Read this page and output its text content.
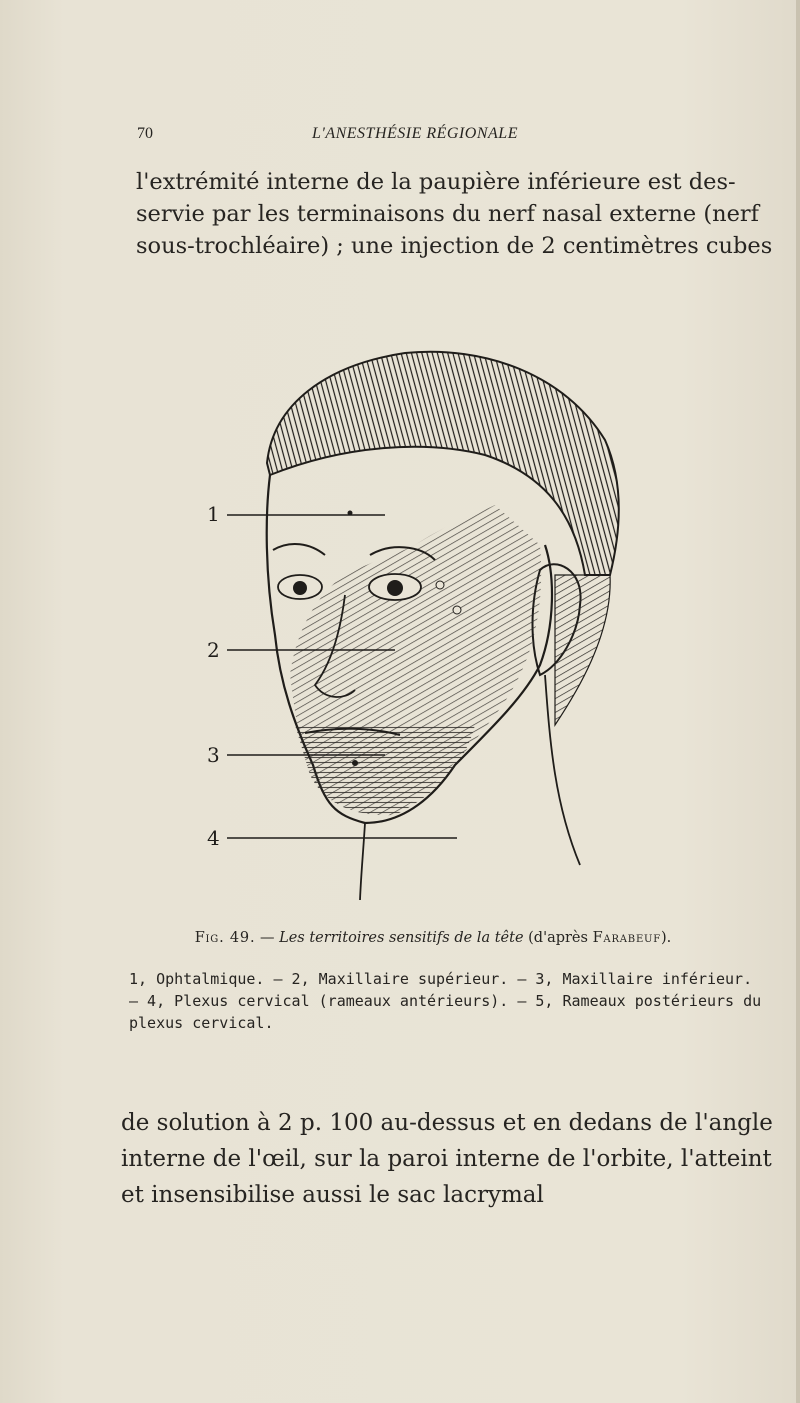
70	L'ANESTHÉSIE RÉGIONALE
l'extrémité interne de la paupière inférieure est des-
servie par les terminaisons du nerf nasal externe (nerf
sous-trochléaire) ; une injection de 2 centimètres cubes
1
2
3
4
Fig. 49. — Les territoires sensitifs de la tête (d'après Farabeuf).
1, Ophtalmique. — 2, Maxillaire supérieur. — 3, Maxillaire inférieur.
— 4, Plexus cervical (rameaux antérieurs). — 5, Rameaux postérieurs du
plexus cervical.
de solution à 2 p. 100 au-dessus et en dedans de l'angle
interne de l'œil, sur la paroi interne de l'orbite, l'atteint
et insensibilise aussi le sac lacrymal
